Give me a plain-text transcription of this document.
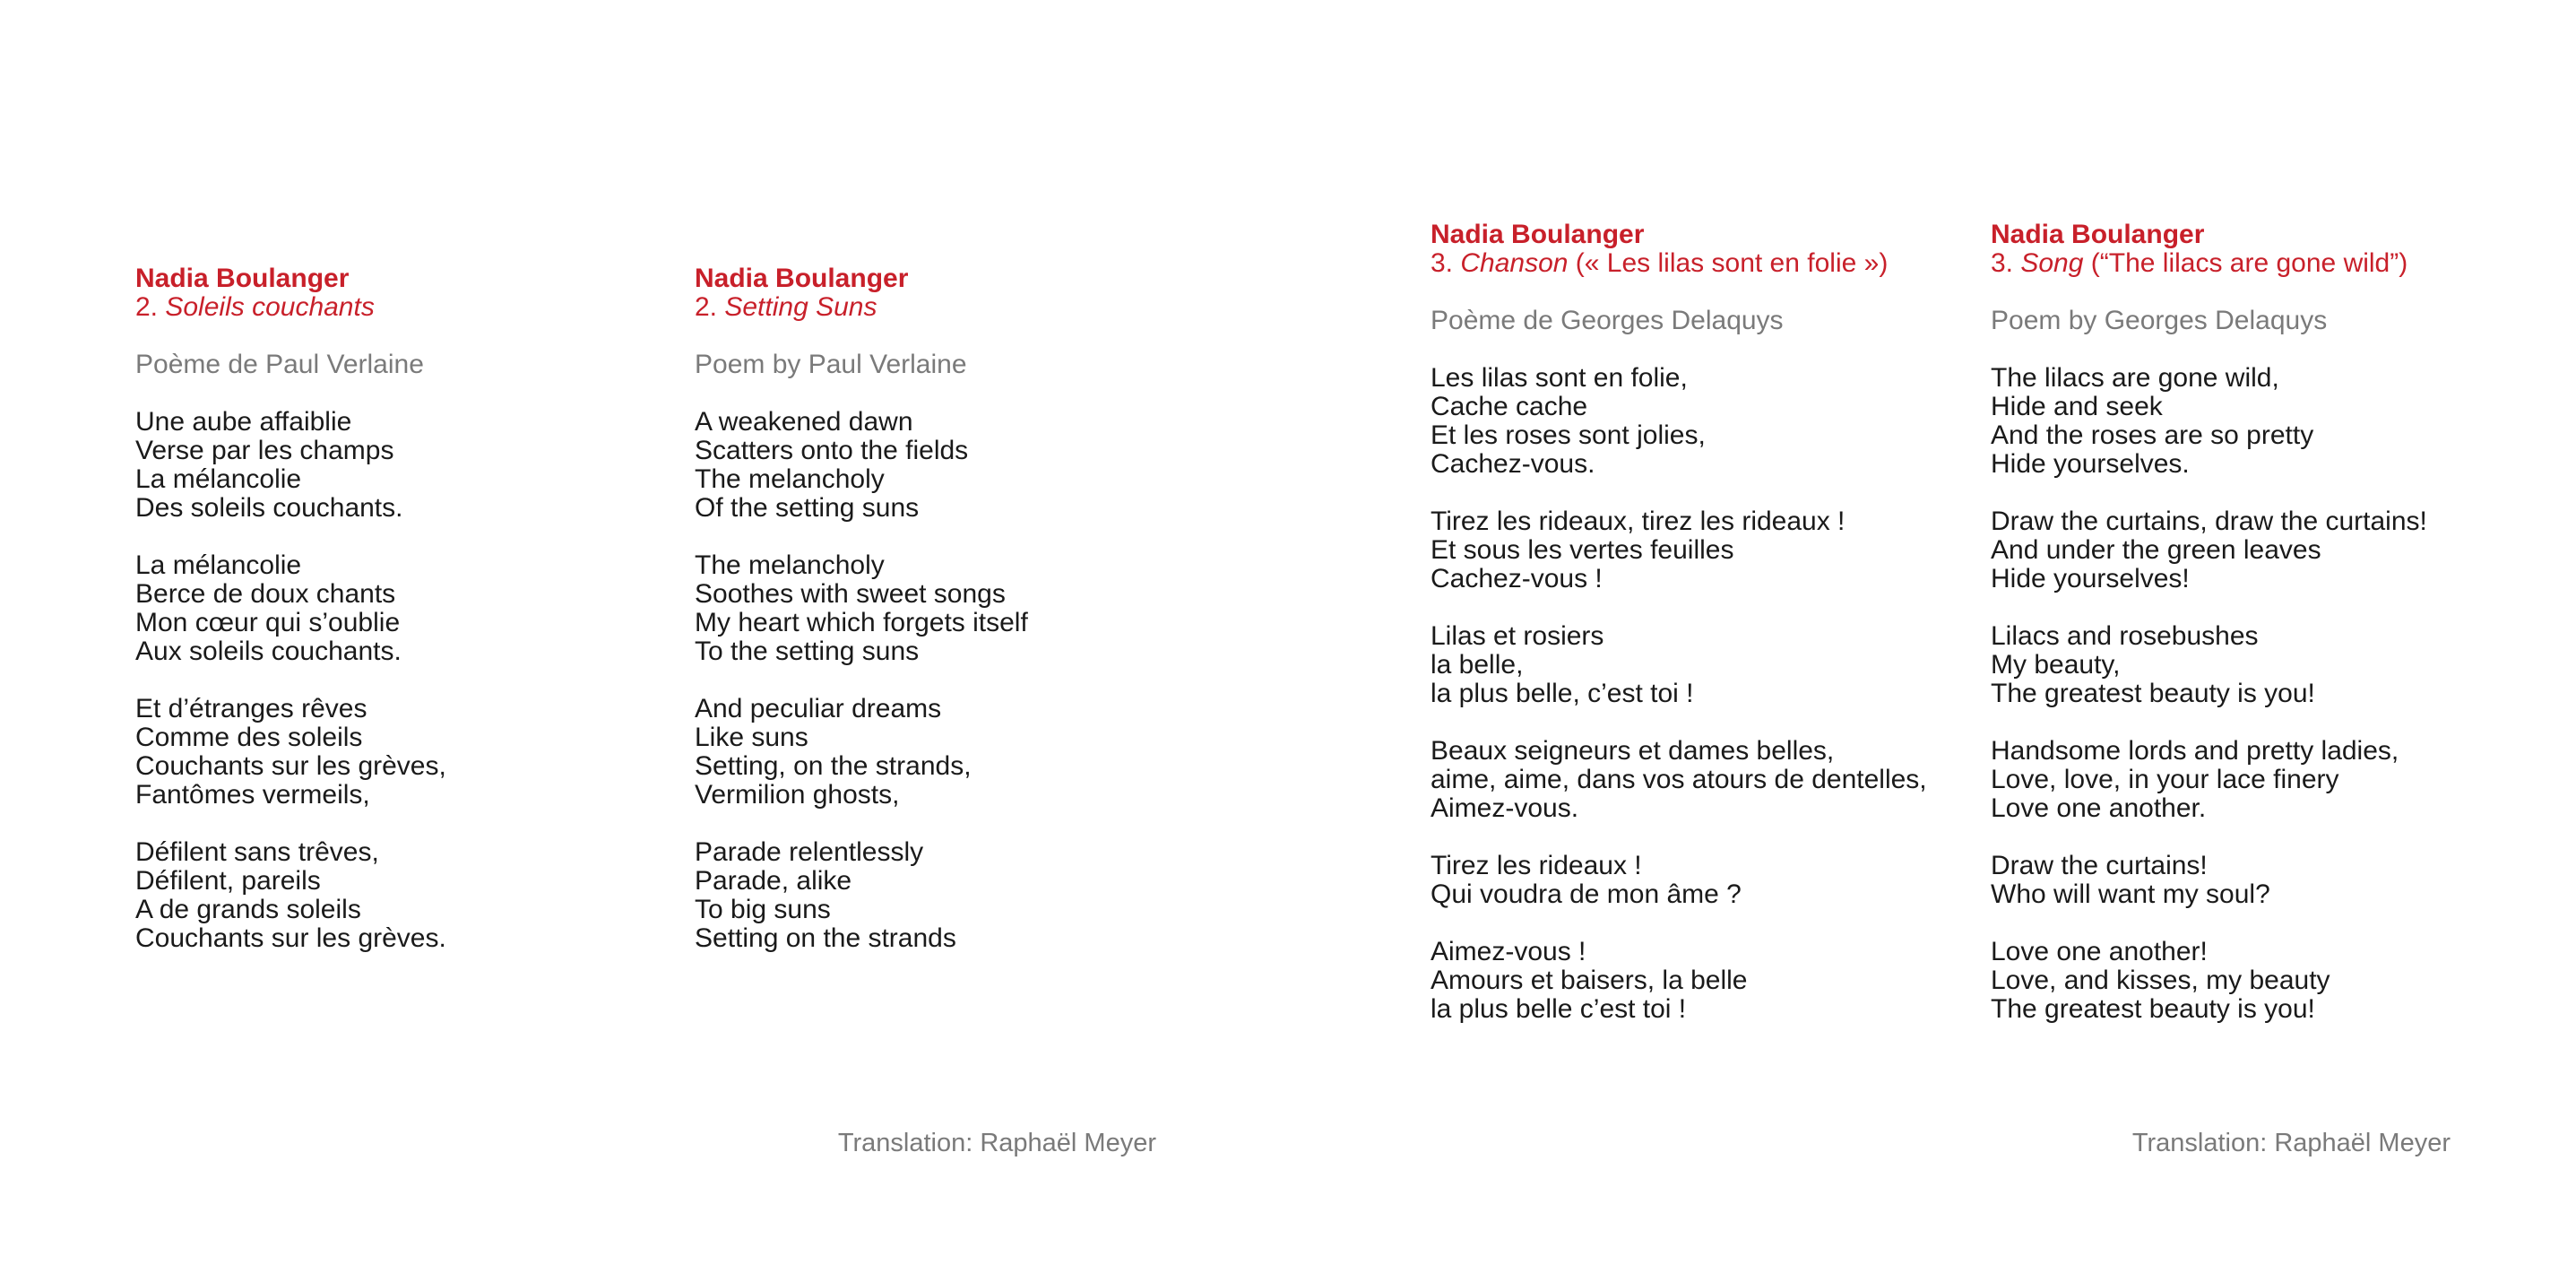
Nadia Boulanger
2. Soleils couchants
Poème de Paul Verlaine
Une aube affaiblie
Verse par les champs
La mélancolie
Des soleils couchants.
La mélancolie
Berce de doux chants
Mon cœur qui s’oublie
Aux soleils couchants.
Et d’étranges rêves
Comme des soleils
Couchants sur les grèves,
Fantômes vermeils,
Défilent sans trêves,
Défilent, pareils
A de grands soleils
Couchants sur les grèves.
Nadia Boulanger
2. Setting Suns
Poem by Paul Verlaine
A weakened dawn
Scatters onto the fields
The melancholy
Of the setting suns
The melancholy
Soothes with sweet songs
My heart which forgets itself
To the setting suns
And peculiar dreams
Like suns
Setting, on the strands,
Vermilion ghosts,
Parade relentlessly
Parade, alike
To big suns
Setting on the strands
Nadia Boulanger
3. Chanson (« Les lilas sont en folie »)
Poème de Georges Delaquys
Les lilas sont en folie,
Cache cache
Et les roses sont jolies,
Cachez-vous.
Tirez les rideaux, tirez les rideaux !
Et sous les vertes feuilles
Cachez-vous !
Lilas et rosiers
la belle,
la plus belle, c’est toi !
Beaux seigneurs et dames belles,
aime, aime, dans vos atours de dentelles,
Aimez-vous.
Tirez les rideaux !
Qui voudra de mon âme ?
Aimez-vous !
Amours et baisers, la belle
la plus belle c’est toi !
Nadia Boulanger
3. Song (“The lilacs are gone wild”)
Poem by Georges Delaquys
The lilacs are gone wild,
Hide and seek
And the roses are so pretty
Hide yourselves.
Draw the curtains, draw the curtains!
And under the green leaves
Hide yourselves!
Lilacs and rosebushes
My beauty,
The greatest beauty is you!
Handsome lords and pretty ladies,
Love, love, in your lace finery
Love one another.
Draw the curtains!
Who will want my soul?
Love one another!
Love, and kisses, my beauty
The greatest beauty is you!
Translation: Raphaël Meyer	Translation: Raphaël Meyer
